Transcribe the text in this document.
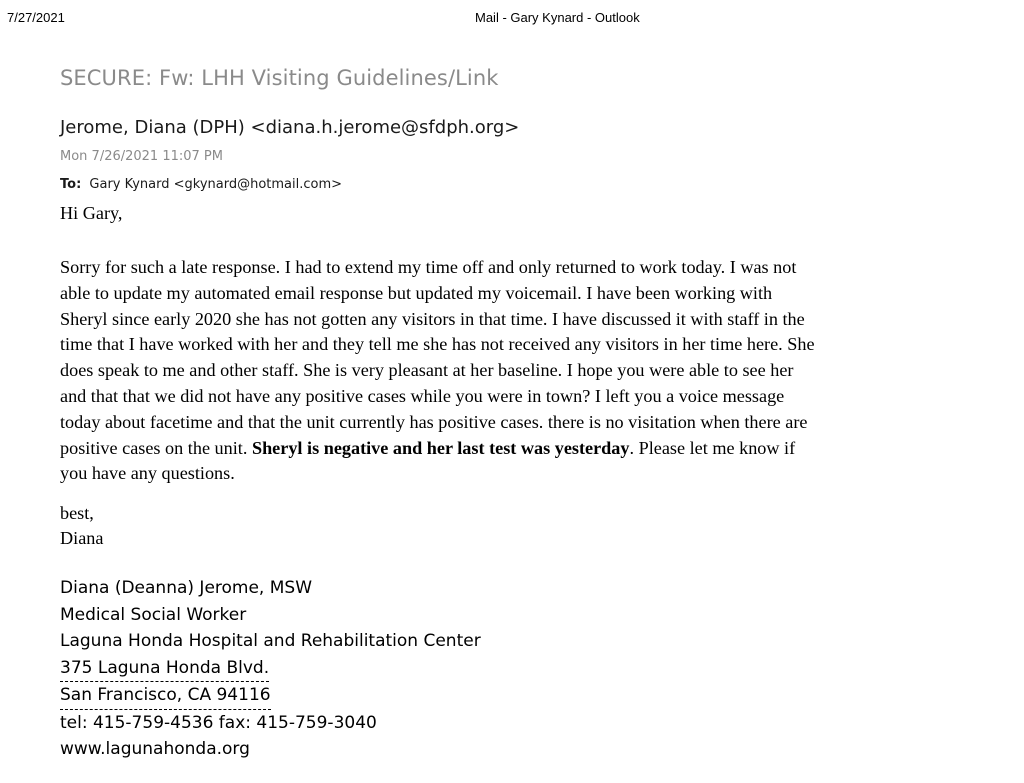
7/27/2021	Mail - Gary Kynard - Outlook
SECURE: Fw: LHH Visiting Guidelines/Link
Jerome, Diana (DPH) <diana.h.jerome@sfdph.org>
Mon 7/26/2021 11:07 PM
To: Gary Kynard <gkynard@hotmail.com>
Hi Gary,
Sorry for such a late response. I had to extend my time off and only returned to work today. I was not
able to update my automated email response but updated my voicemail. I have been working with
Sheryl since early 2020 she has not gotten any visitors in that time. I have discussed it with staff in the
time that I have worked with her and they tell me she has not received any visitors in her time here. She
does speak to me and other staff. She is very pleasant at her baseline. I hope you were able to see her
and that that we did not have any positive cases while you were in town? I left you a voice message
today about facetime and that the unit currently has positive cases. there is no visitation when there are
positive cases on the unit. Sheryl is negative and her last test was yesterday. Please let me know if
you have any questions.
best,
Diana
Diana (Deanna) Jerome, MSW
Medical Social Worker
Laguna Honda Hospital and Rehabilitation Center
375 Laguna Honda Blvd.
San Francisco, CA 94116
tel: 415-759-4536 fax: 415-759-3040
www.lagunahonda.org
